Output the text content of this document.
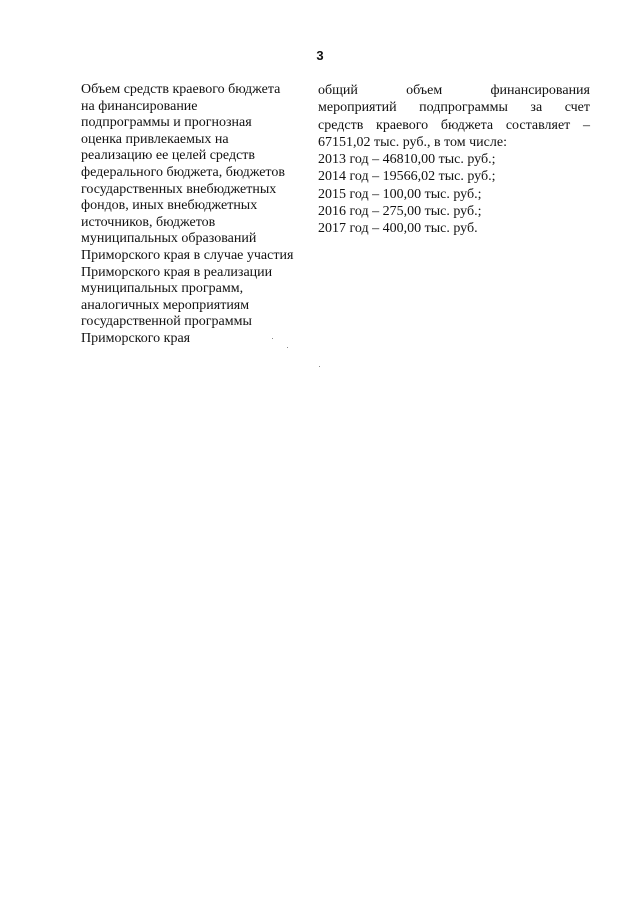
3
Объем средств краевого бюджета
на финансирование
подпрограммы и прогнозная
оценка привлекаемых на
реализацию ее целей средств
федерального бюджета, бюджетов
государственных внебюджетных
фондов, иных внебюджетных
источников, бюджетов
муниципальных образований
Приморского края в случае участия
Приморского края в реализации
муниципальных программ,
аналогичных мероприятиям
государственной программы
Приморского края
общий объем финансирования
мероприятий подпрограммы за счет
средств краевого бюджета составляет –
67151,02 тыс. руб., в том числе:
2013 год – 46810,00 тыс. руб.;
2014 год – 19566,02 тыс. руб.;
2015 год – 100,00 тыс. руб.;
2016 год – 275,00 тыс. руб.;
2017 год – 400,00 тыс. руб.
